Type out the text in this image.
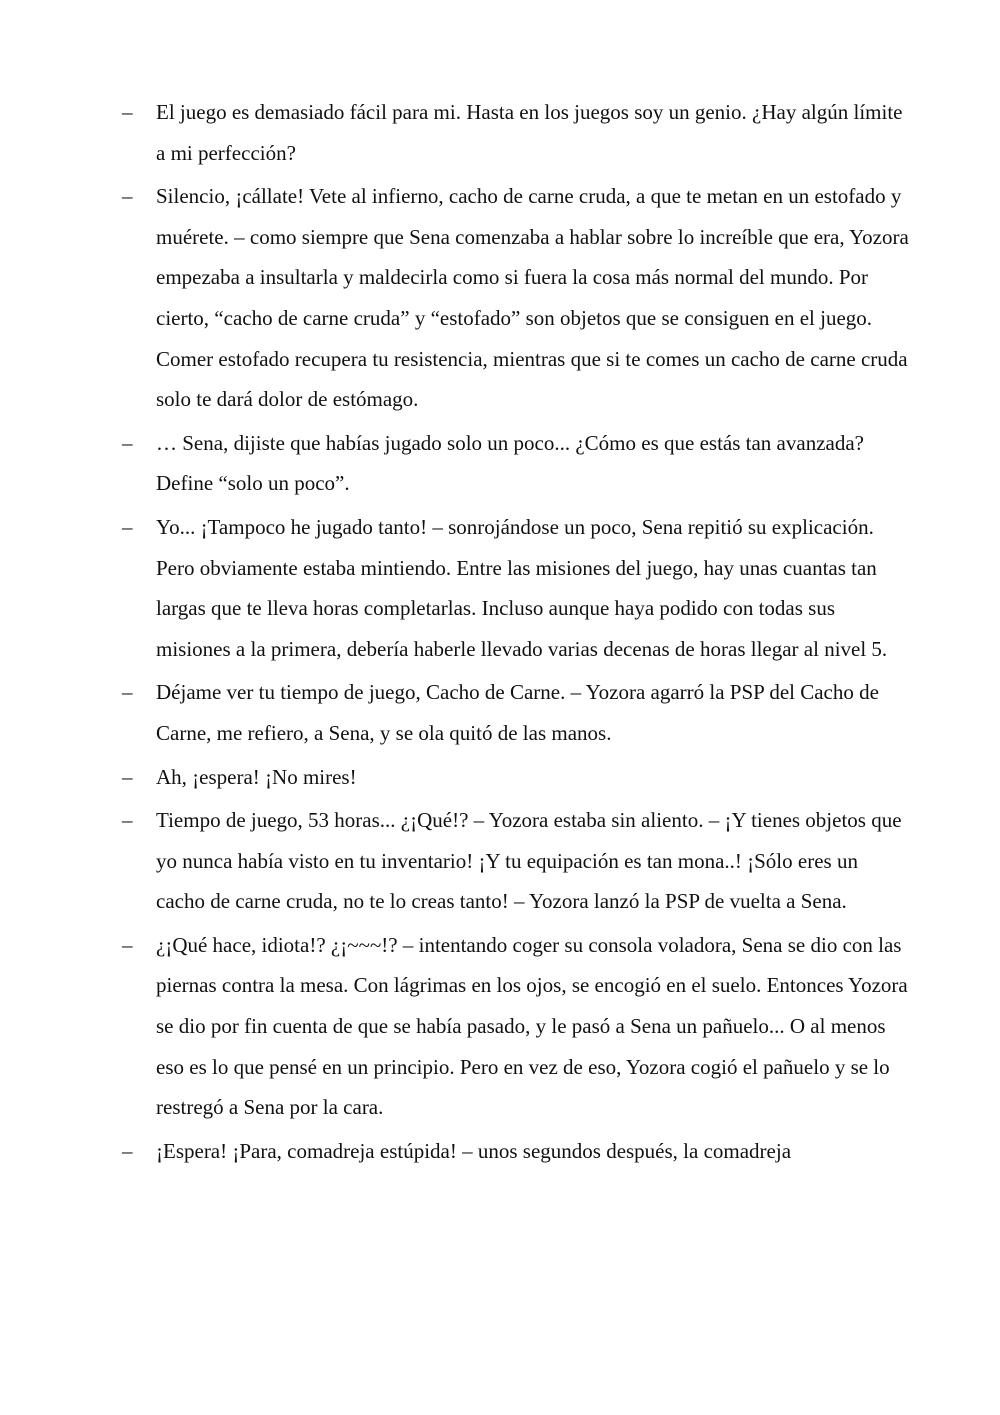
–	El juego es demasiado fácil para mi. Hasta en los juegos soy un genio. ¿Hay algún límite a mi perfección?
–	Silencio, ¡cállate! Vete al infierno, cacho de carne cruda, a que te metan en un estofado y muérete. – como siempre que Sena comenzaba a hablar sobre lo increíble que era, Yozora empezaba a insultarla y maldecirla como si fuera la cosa más normal del mundo. Por cierto, “cacho de carne cruda” y “estofado” son objetos que se consiguen en el juego. Comer estofado recupera tu resistencia, mientras que si te comes un cacho de carne cruda solo te dará dolor de estómago.
–	… Sena, dijiste que habías jugado solo un poco... ¿Cómo es que estás tan avanzada? Define “solo un poco”.
–	Yo... ¡Tampoco he jugado tanto! – sonrojándose un poco, Sena repitió su explicación. Pero obviamente estaba mintiendo. Entre las misiones del juego, hay unas cuantas tan largas que te lleva horas completarlas. Incluso aunque haya podido con todas sus misiones a la primera, debería haberle llevado varias decenas de horas llegar al nivel 5.
–	Déjame ver tu tiempo de juego, Cacho de Carne. – Yozora agarró la PSP del Cacho de Carne, me refiero, a Sena, y se ola quitó de las manos.
–	Ah, ¡espera! ¡No mires!
–	Tiempo de juego, 53 horas... ¿¡Qué!? – Yozora estaba sin aliento. – ¡Y tienes objetos que yo nunca había visto en tu inventario! ¡Y tu equipación es tan mona..! ¡Sólo eres un cacho de carne cruda, no te lo creas tanto! – Yozora lanzó la PSP de vuelta a Sena.
–	¿¡Qué hace, idiota!? ¿¡~~~!? – intentando coger su consola voladora, Sena se dio con las piernas contra la mesa. Con lágrimas en los ojos, se encogió en el suelo. Entonces Yozora se dio por fin cuenta de que se había pasado, y le pasó a Sena un pañuelo... O al menos eso es lo que pensé en un principio. Pero en vez de eso, Yozora cogió el pañuelo y se lo restregó a Sena por la cara.
–	¡Espera! ¡Para, comadreja estúpida! – unos segundos después, la comadreja
